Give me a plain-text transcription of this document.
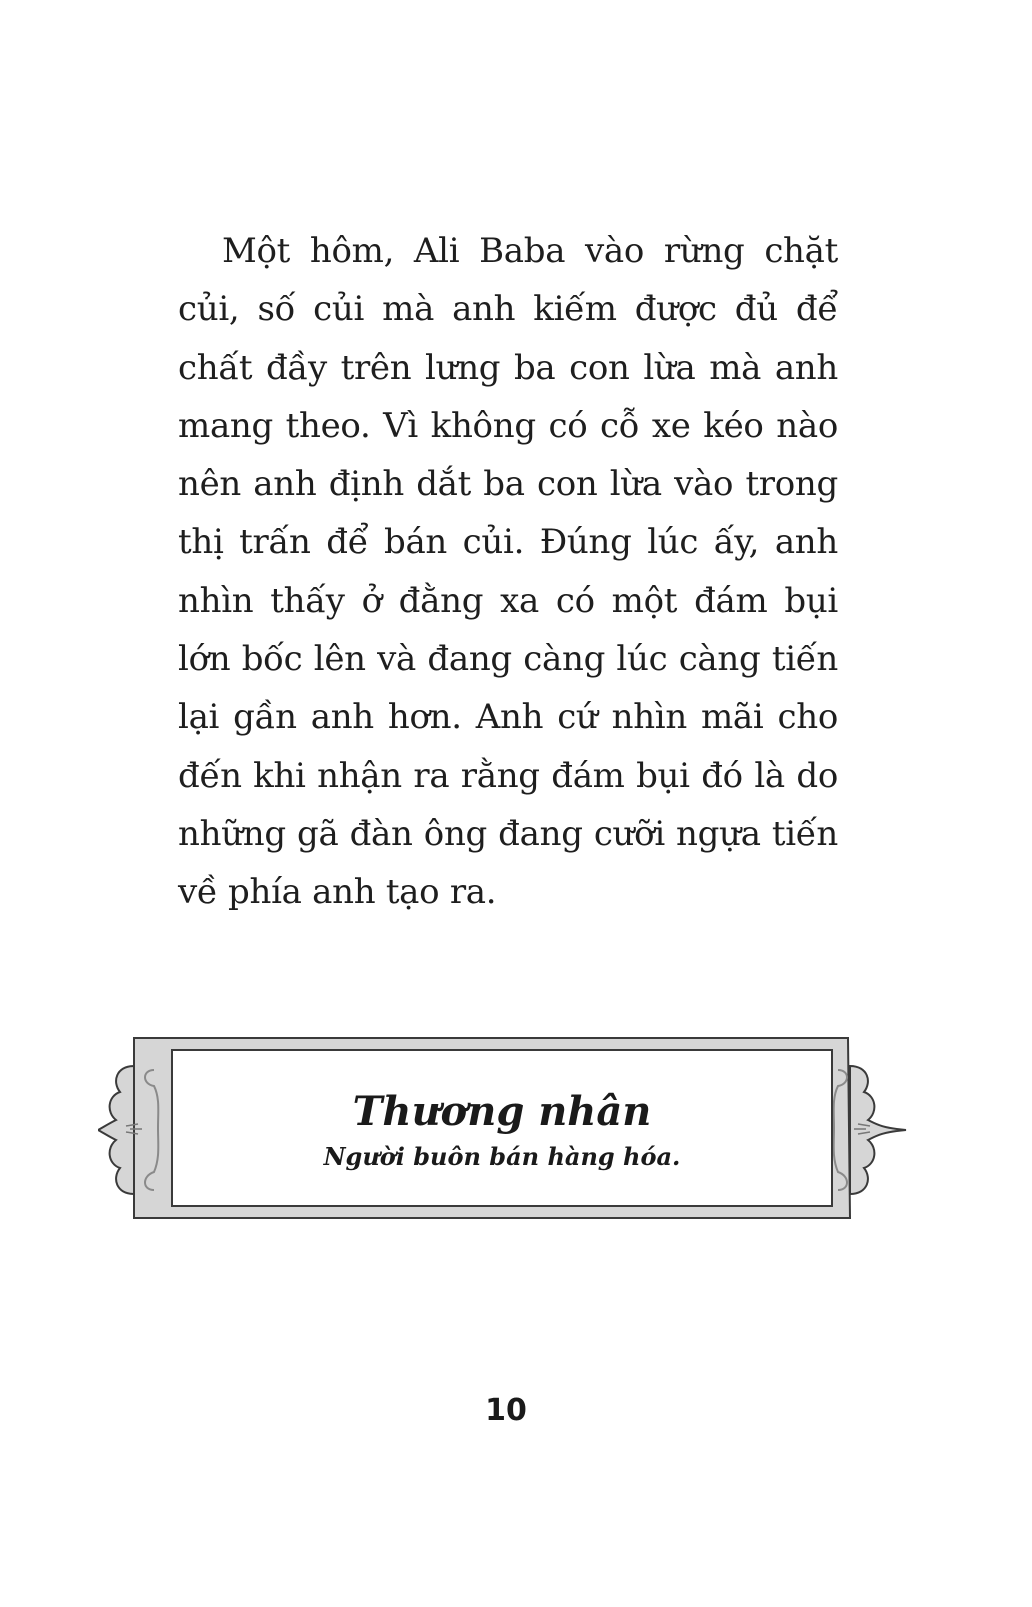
Một hôm, Ali Baba vào rừng chặt
củi, số củi mà anh kiếm được đủ để
chất đầy trên lưng ba con lừa mà anh
mang theo. Vì không có cỗ xe kéo nào
nên anh định dắt ba con lừa vào trong
thị trấn để bán củi. Đúng lúc ấy, anh
nhìn thấy ở đằng xa có một đám bụi
lớn bốc lên và đang càng lúc càng tiến
lại gần anh hơn. Anh cứ nhìn mãi cho
đến khi nhận ra rằng đám bụi đó là do
những gã đàn ông đang cưỡi ngựa tiến
về phía anh tạo ra.
Thương nhân
Người buôn bán hàng hóa.
10
